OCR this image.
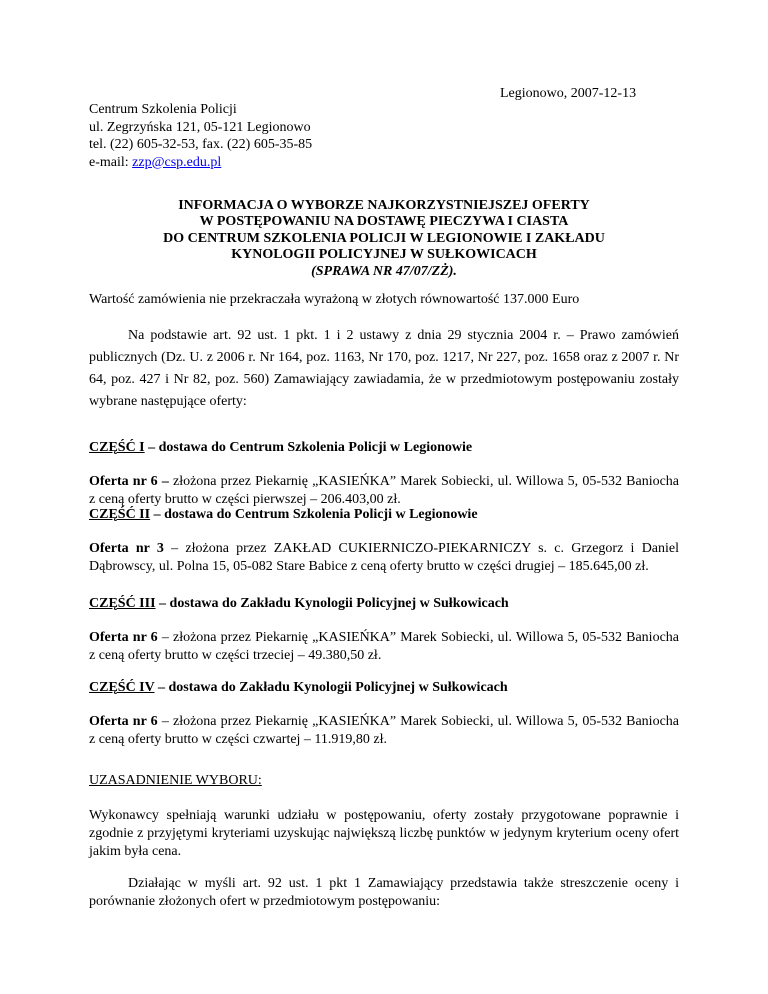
Legionowo, 2007-12-13
Centrum Szkolenia Policji
ul. Zegrzyńska 121, 05-121 Legionowo
tel. (22) 605-32-53, fax. (22) 605-35-85
e-mail: zzp@csp.edu.pl
INFORMACJA O WYBORZE NAJKORZYSTNIEJSZEJ OFERTY
W POSTĘPOWANIU NA DOSTAWĘ PIECZYWA I CIASTA
DO CENTRUM SZKOLENIA POLICJI W LEGIONOWIE I ZAKŁADU
KYNOLOGII POLICYJNEJ W SUŁKOWICACH
(SPRAWA NR 47/07/ZŻ).
Wartość zamówienia nie przekraczała wyrażoną w złotych równowartość 137.000 Euro
Na podstawie art. 92 ust. 1 pkt. 1 i 2 ustawy z dnia 29 stycznia 2004 r. – Prawo zamówień publicznych (Dz. U. z 2006 r. Nr 164, poz. 1163, Nr 170, poz. 1217, Nr 227, poz. 1658 oraz z 2007 r. Nr 64, poz. 427 i Nr 82, poz. 560) Zamawiający zawiadamia, że w przedmiotowym postępowaniu zostały wybrane następujące oferty:
CZĘŚĆ I – dostawa do Centrum Szkolenia Policji w Legionowie
Oferta nr 6 – złożona przez Piekarnię „KASIEŃKA” Marek Sobiecki, ul. Willowa 5, 05-532 Baniocha z ceną oferty brutto w części pierwszej – 206.403,00 zł.
CZĘŚĆ II – dostawa do Centrum Szkolenia Policji w Legionowie
Oferta nr 3 – złożona przez ZAKŁAD CUKIERNICZO-PIEKARNICZY s. c. Grzegorz i Daniel Dąbrowscy, ul. Polna 15, 05-082 Stare Babice z ceną oferty brutto w części drugiej – 185.645,00 zł.
CZĘŚĆ III – dostawa do Zakładu Kynologii Policyjnej w Sułkowicach
Oferta nr 6 – złożona przez Piekarnię „KASIEŃKA” Marek Sobiecki, ul. Willowa 5, 05-532 Baniocha z ceną oferty brutto w części trzeciej – 49.380,50 zł.
CZĘŚĆ IV – dostawa do Zakładu Kynologii Policyjnej w Sułkowicach
Oferta nr 6 – złożona przez Piekarnię „KASIEŃKA” Marek Sobiecki, ul. Willowa 5, 05-532 Baniocha z ceną oferty brutto w części czwartej – 11.919,80 zł.
UZASADNIENIE WYBORU:
Wykonawcy spełniają warunki udziału w postępowaniu, oferty zostały przygotowane poprawnie i zgodnie z przyjętymi kryteriami uzyskując największą liczbę punktów w jedynym kryterium oceny ofert jakim była cena.
Działając w myśli art. 92 ust. 1 pkt 1 Zamawiający przedstawia także streszczenie oceny i porównanie złożonych ofert w przedmiotowym postępowaniu:
